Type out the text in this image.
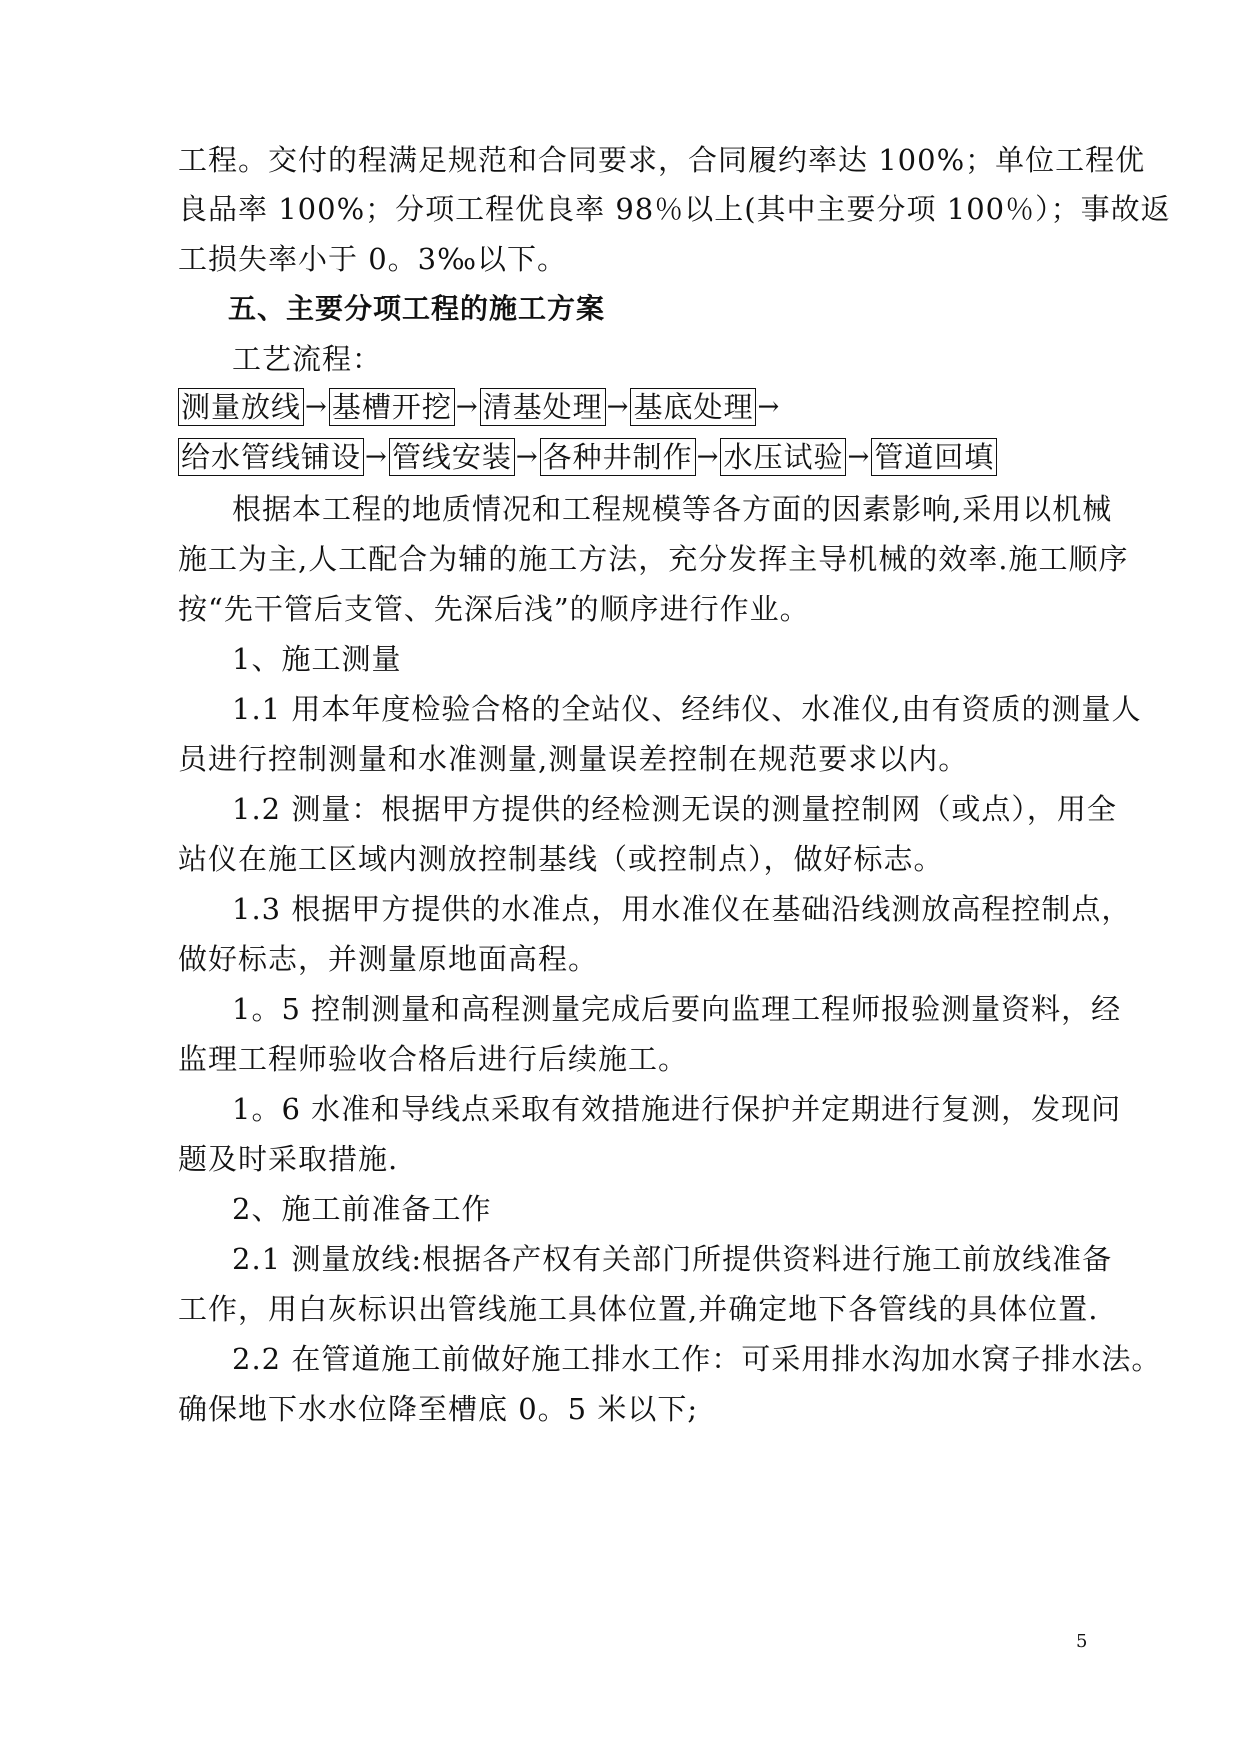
工程。交付的程满足规范和合同要求，合同履约率达 100%；单位工程优
良品率 100%；分项工程优良率 98％以上(其中主要分项 100％）；事故返
工损失率小于 0。3‰以下。
五、主要分项工程的施工方案
工艺流程：
测量放线 → 基槽开挖 → 清基处理 → 基底处理 →
给水管线铺设 → 管线安装 → 各种井制作 → 水压试验 → 管道回填
根据本工程的地质情况和工程规模等各方面的因素影响,采用以机械
施工为主,人工配合为辅的施工方法，充分发挥主导机械的效率.施工顺序
按“先干管后支管、先深后浅”的顺序进行作业。
1、施工测量
1.1 用本年度检验合格的全站仪、经纬仪、水准仪,由有资质的测量人
员进行控制测量和水准测量,测量误差控制在规范要求以内。
1.2 测量：根据甲方提供的经检测无误的测量控制网（或点），用全
站仪在施工区域内测放控制基线（或控制点），做好标志。
1.3 根据甲方提供的水准点，用水准仪在基础沿线测放高程控制点，
做好标志，并测量原地面高程。
1。5 控制测量和高程测量完成后要向监理工程师报验测量资料，经
监理工程师验收合格后进行后续施工。
1。6 水准和导线点采取有效措施进行保护并定期进行复测，发现问
题及时采取措施.
2、施工前准备工作
2.1 测量放线:根据各产权有关部门所提供资料进行施工前放线准备
工作，用白灰标识出管线施工具体位置,并确定地下各管线的具体位置.
2.2 在管道施工前做好施工排水工作：可采用排水沟加水窝子排水法。
确保地下水水位降至槽底 0。5 米以下;
5
